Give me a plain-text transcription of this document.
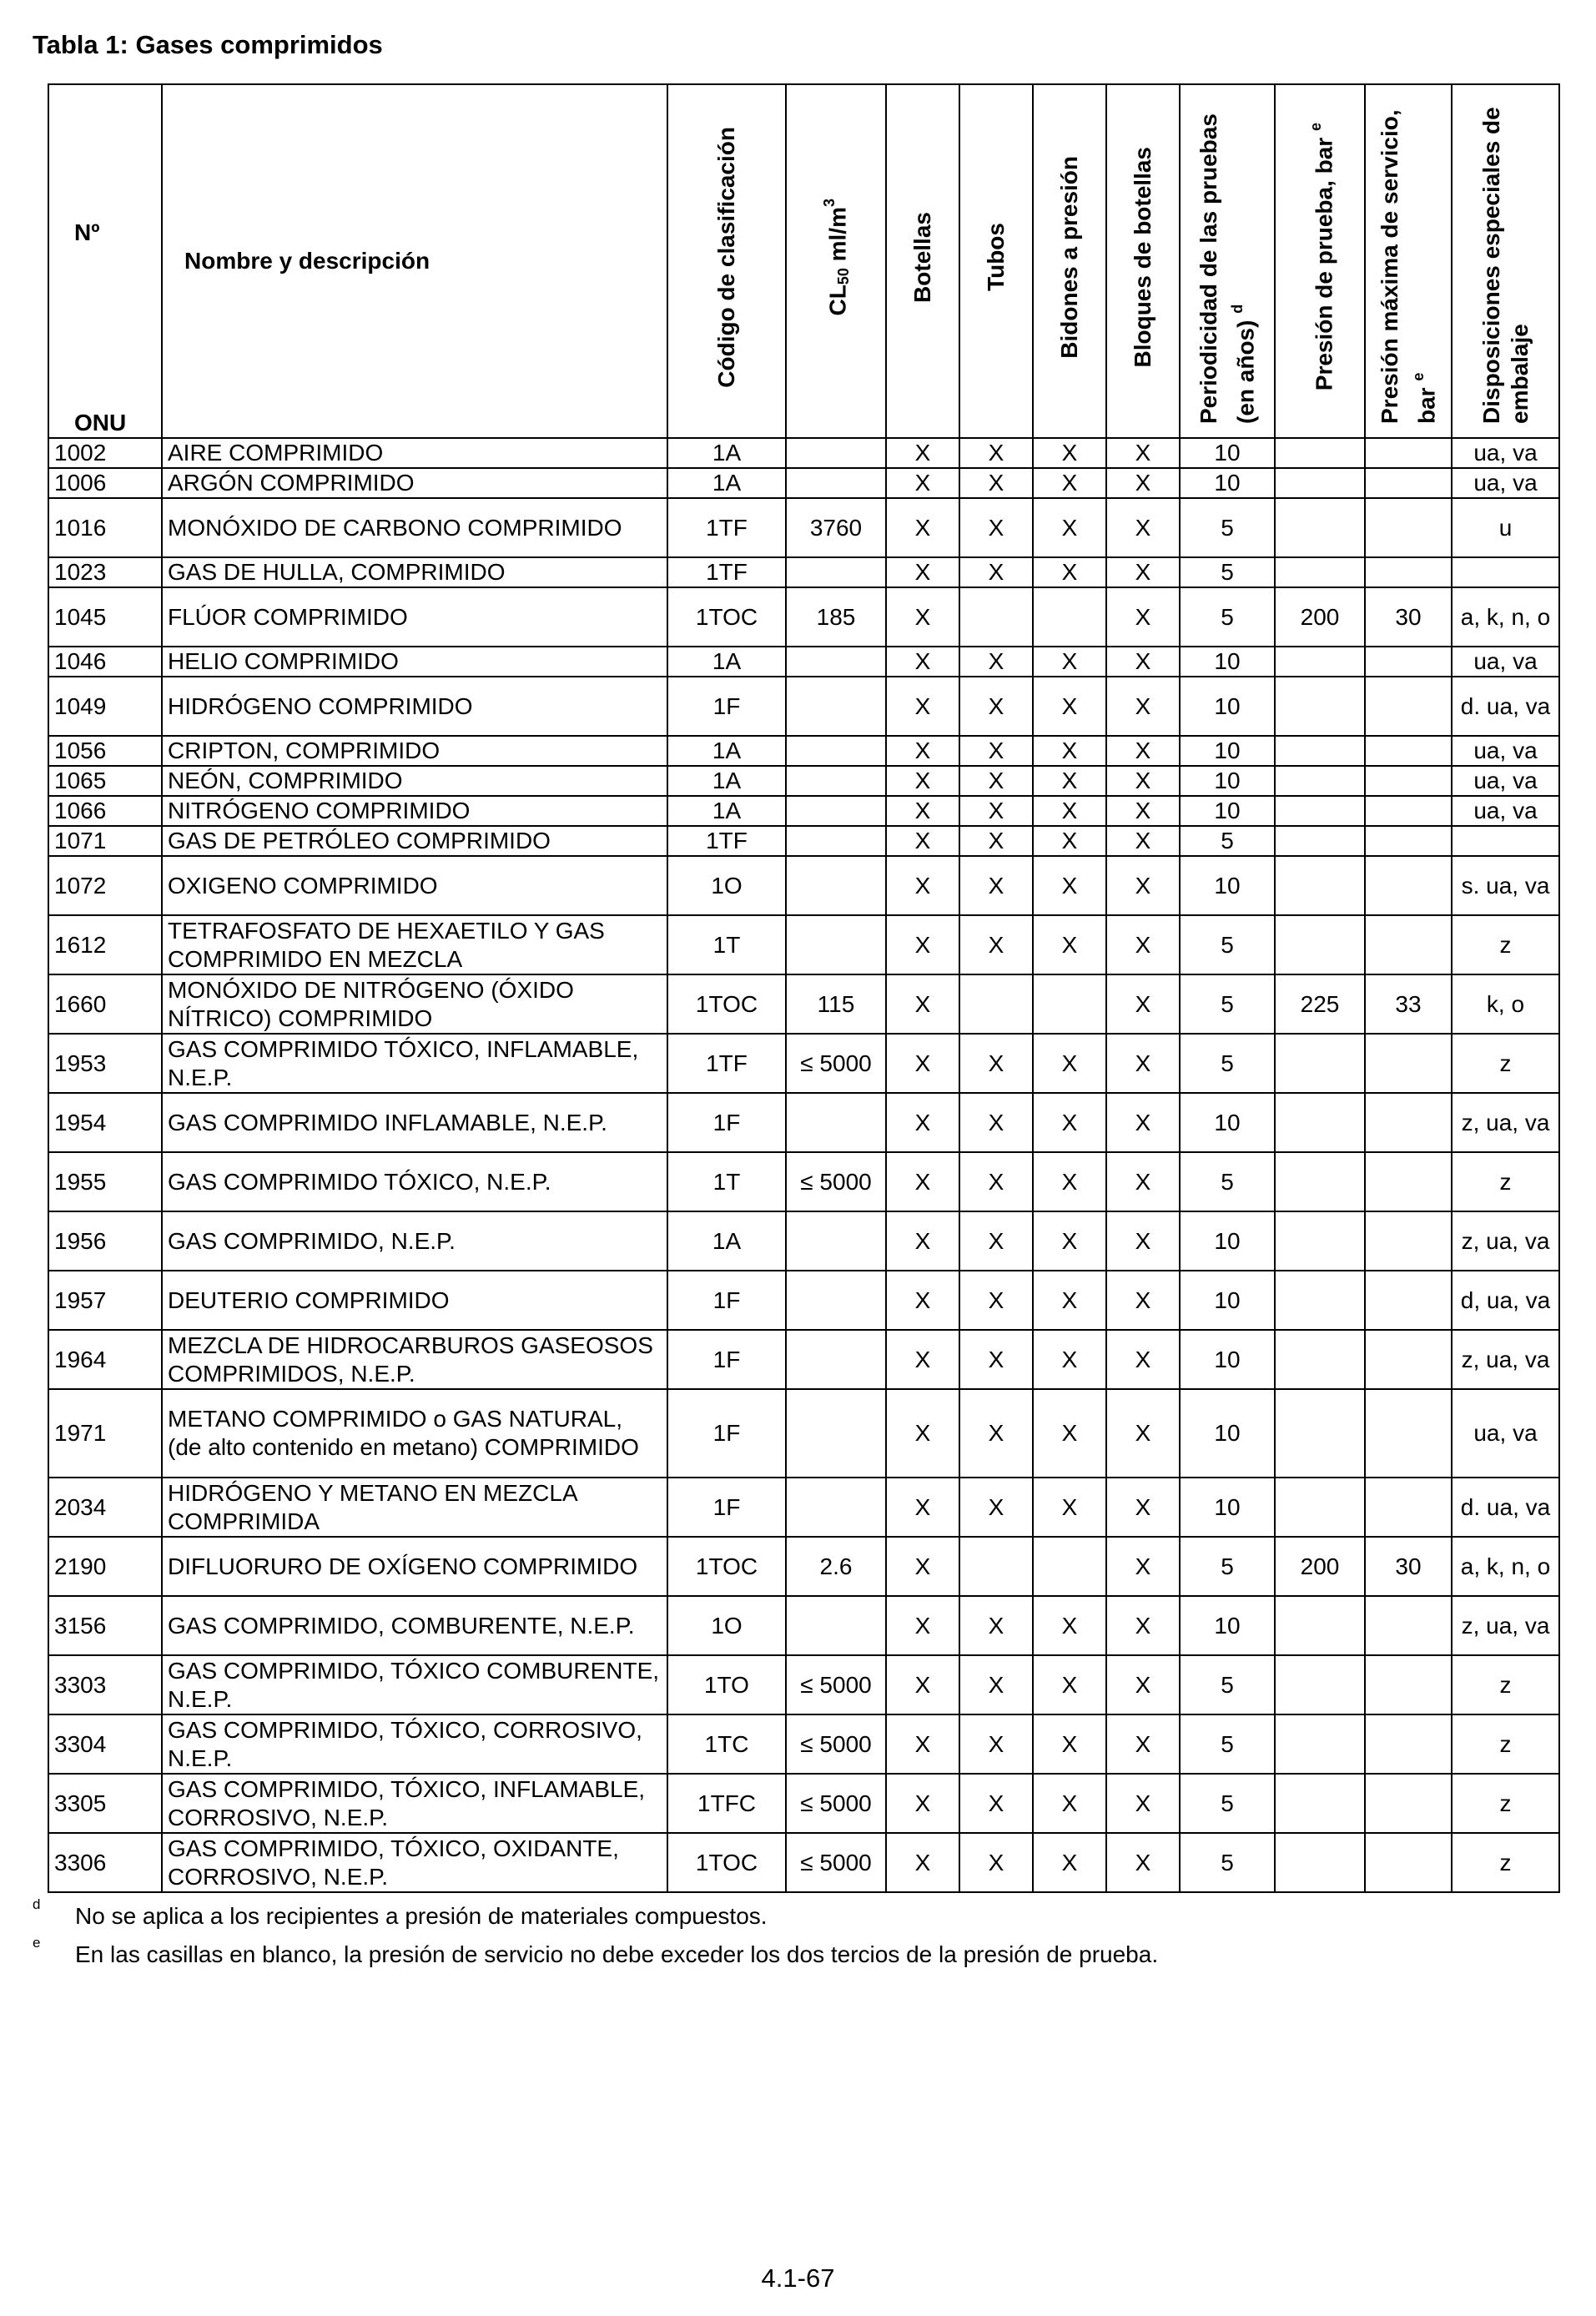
Tabla 1: Gases comprimidos
Nº

ONU	Nombre y descripción	Código de clasificación	$CL_{50}$ $ml/m^3$	Botellas	Tubos	Bidones a presión	Bloques de botellas	Periodicidad de las pruebas (en años) $^d$	Presión de prueba, bar $^e$	Presión máxima de servicio, bar $^e$	Disposiciones especiales de embalaje

1002	AIRE COMPRIMIDO	1A		X	X	X	X	10			ua, va
1006	ARGÓN COMPRIMIDO	1A		X	X	X	X	10			ua, va
1016	MONÓXIDO DE CARBONO COMPRIMIDO	1TF	3760	X	X	X	X	5			u
1023	GAS DE HULLA, COMPRIMIDO	1TF		X	X	X	X	5			
1045	FLÚOR COMPRIMIDO	1TOC	185	X			X	5	200	30	a, k, n, o
1046	HELIO COMPRIMIDO	1A		X	X	X	X	10			ua, va
1049	HIDRÓGENO COMPRIMIDO	1F		X	X	X	X	10			d. ua, va
1056	CRIPTON, COMPRIMIDO	1A		X	X	X	X	10			ua, va
1065	NEÓN, COMPRIMIDO	1A		X	X	X	X	10			ua, va
1066	NITRÓGENO COMPRIMIDO	1A		X	X	X	X	10			ua, va
1071	GAS DE PETRÓLEO COMPRIMIDO	1TF		X	X	X	X	5			
1072	OXIGENO COMPRIMIDO	1O		X	X	X	X	10			s. ua, va
1612	TETRAFOSFATO DE HEXAETILO Y GAS COMPRIMIDO EN MEZCLA	1T		X	X	X	X	5			z
1660	MONÓXIDO DE NITRÓGENO (ÓXIDO NÍTRICO) COMPRIMIDO	1TOC	115	X			X	5	225	33	k, o
1953	GAS COMPRIMIDO TÓXICO, INFLAMABLE, N.E.P.	1TF	≤ 5000	X	X	X	X	5			z
1954	GAS COMPRIMIDO INFLAMABLE, N.E.P.	1F		X	X	X	X	10			z, ua, va
1955	GAS COMPRIMIDO TÓXICO, N.E.P.	1T	≤ 5000	X	X	X	X	5			z
1956	GAS COMPRIMIDO, N.E.P.	1A		X	X	X	X	10			z, ua, va
1957	DEUTERIO COMPRIMIDO	1F		X	X	X	X	10			d, ua, va
1964	MEZCLA DE HIDROCARBUROS GASEOSOS COMPRIMIDOS, N.E.P.	1F		X	X	X	X	10			z, ua, va
1971	METANO COMPRIMIDO o GAS NATURAL, (de alto contenido en metano) COMPRIMIDO	1F		X	X	X	X	10			ua, va
2034	HIDRÓGENO Y METANO EN MEZCLA COMPRIMIDA	1F		X	X	X	X	10			d. ua, va
2190	DIFLUORURO DE OXÍGENO COMPRIMIDO	1TOC	2.6	X			X	5	200	30	a, k, n, o
3156	GAS COMPRIMIDO, COMBURENTE, N.E.P.	1O		X	X	X	X	10			z, ua, va
3303	GAS COMPRIMIDO, TÓXICO COMBURENTE, N.E.P.	1TO	≤ 5000	X	X	X	X	5			z
3304	GAS COMPRIMIDO, TÓXICO, CORROSIVO, N.E.P.	1TC	≤ 5000	X	X	X	X	5			z
3305	GAS COMPRIMIDO, TÓXICO, INFLAMABLE, CORROSIVO, N.E.P.	1TFC	≤ 5000	X	X	X	X	5			z
3306	GAS COMPRIMIDO, TÓXICO, OXIDANTE, CORROSIVO, N.E.P.	1TOC	≤ 5000	X	X	X	X	5			z
d No se aplica a los recipientes a presión de materiales compuestos.
e En las casillas en blanco, la presión de servicio no debe exceder los dos tercios de la presión de prueba.
4.1-67
